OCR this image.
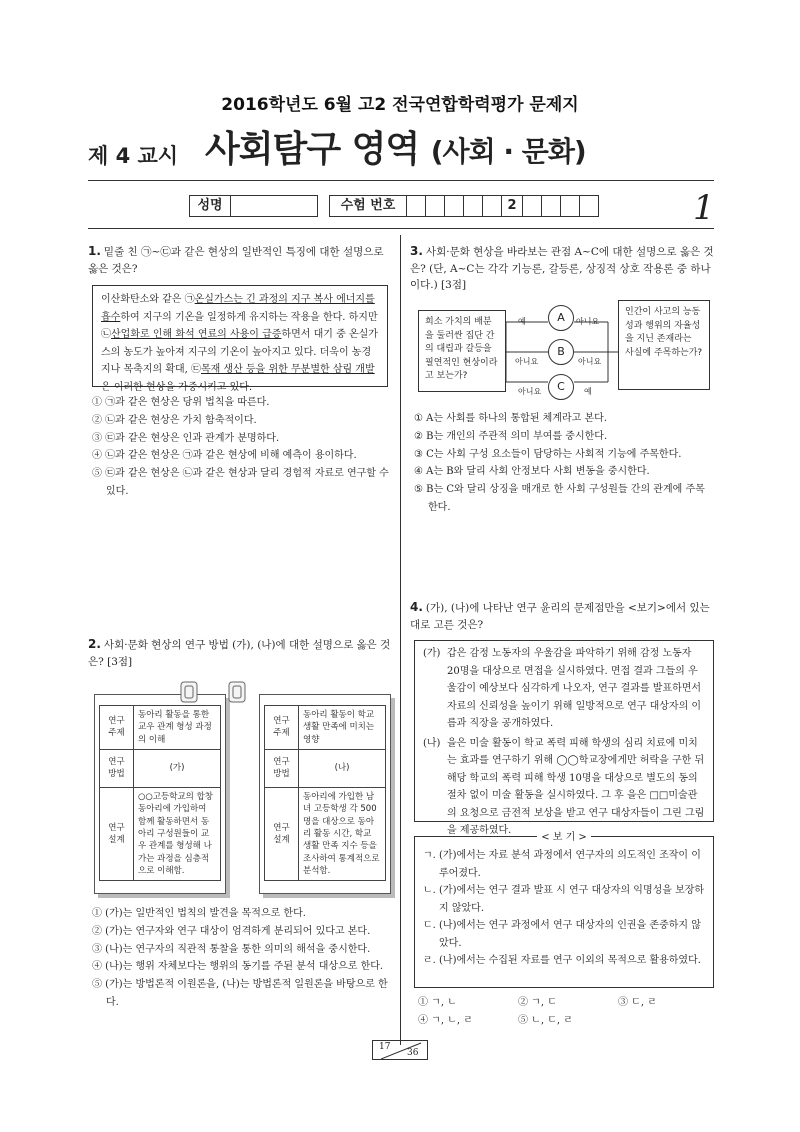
2016학년도 6월 고2 전국연합학력평가 문제지
제 4 교시 사회탐구 영역 (사회 · 문화)
성명	수험 번호	2	1
1. 밑줄 친 ㉠~㉢과 같은 현상의 일반적인 특징에 대한 설명으로 옳은 것은?
이산화탄소와 같은 ㉠온실가스는 긴 과정의 지구 복사 에너지를 흡수하여 지구의 기온을 일정하게 유지하는 작용을 한다. 하지만 ㉡산업화로 인해 화석 연료의 사용이 급증하면서 대기 중 온실가스의 농도가 높아져 지구의 기온이 높아지고 있다. 더욱이 농경지나 목축지의 확대, ㉢목재 생산 등을 위한 무분별한 삼림 개발은 이러한 현상을 가중시키고 있다.
① ㉠과 같은 현상은 당위 법칙을 따른다.
② ㉡과 같은 현상은 가치 함축적이다.
③ ㉢과 같은 현상은 인과 관계가 분명하다.
④ ㉡과 같은 현상은 ㉠과 같은 현상에 비해 예측이 용이하다.
⑤ ㉢과 같은 현상은 ㉡과 같은 현상과 달리 경험적 자료로 연구할 수 있다.
2. 사회·문화 현상의 연구 방법 (가), (나)에 대한 설명으로 옳은 것은? [3점]
연구 주제	동아리 활동을 통한 교우 관계 형성 과정의 이해
연구 방법	(가)
연구 설계	○○고등학교의 합창 동아리에 가입하여 함께 활동하면서 동아리 구성원들이 교우 관계를 형성해 나가는 과정을 심층적으로 이해함.
연구 주제	동아리 활동이 학교 생활 만족에 미치는 영향
연구 방법	(나)
연구 설계	동아리에 가입한 남녀 고등학생 각 500명을 대상으로 동아리 활동 시간, 학교 생활 만족 지수 등을 조사하여 통계적으로 분석함.
① (가)는 일반적인 법칙의 발견을 목적으로 한다.
② (가)는 연구자와 연구 대상이 엄격하게 분리되어 있다고 본다.
③ (나)는 연구자의 직관적 통찰을 통한 의미의 해석을 중시한다.
④ (나)는 행위 자체보다는 행위의 동기를 주된 분석 대상으로 한다.
⑤ (가)는 방법론적 이원론을, (나)는 방법론적 일원론을 바탕으로 한다.
3. 사회·문화 현상을 바라보는 관점 A~C에 대한 설명으로 옳은 것은? (단, A~C는 각각 기능론, 갈등론, 상징적 상호 작용론 중 하나이다.) [3점]
희소 가치의 배분을 둘러싼 집단 간의 대립과 갈등을 필연적인 현상이라고 보는가?
인간이 사고의 능동성과 행위의 자율성을 지닌 존재라는 사실에 주목하는가?
A
B
C
예
아니요
아니요
아니요
아니요
예
① A는 사회를 하나의 통합된 체계라고 본다.
② B는 개인의 주관적 의미 부여를 중시한다.
③ C는 사회 구성 요소들이 담당하는 사회적 기능에 주목한다.
④ A는 B와 달리 사회 안정보다 사회 변동을 중시한다.
⑤ B는 C와 달리 상징을 매개로 한 사회 구성원들 간의 관계에 주목한다.
4. (가), (나)에 나타난 연구 윤리의 문제점만을 <보기>에서 있는 대로 고른 것은?
(가) 갑은 감정 노동자의 우울감을 파악하기 위해 감정 노동자 20명을 대상으로 면접을 실시하였다. 면접 결과 그들의 우울감이 예상보다 심각하게 나오자, 연구 결과를 발표하면서 자료의 신뢰성을 높이기 위해 일방적으로 연구 대상자의 이름과 직장을 공개하였다.
(나) 을은 미술 활동이 학교 폭력 피해 학생의 심리 치료에 미치는 효과를 연구하기 위해 ◯◯학교장에게만 허락을 구한 뒤 해당 학교의 폭력 피해 학생 10명을 대상으로 별도의 동의 절차 없이 미술 활동을 실시하였다. 그 후 을은 □□미술관의 요청으로 금전적 보상을 받고 연구 대상자들이 그린 그림을 제공하였다.
< 보 기 >
ㄱ. (가)에서는 자료 분석 과정에서 연구자의 의도적인 조작이 이루어졌다.
ㄴ. (가)에서는 연구 결과 발표 시 연구 대상자의 익명성을 보장하지 않았다.
ㄷ. (나)에서는 연구 과정에서 연구 대상자의 인권을 존중하지 않았다.
ㄹ. (나)에서는 수집된 자료를 연구 이외의 목적으로 활용하였다.
① ㄱ, ㄴ	② ㄱ, ㄷ	③ ㄷ, ㄹ
④ ㄱ, ㄴ, ㄹ	⑤ ㄴ, ㄷ, ㄹ
17
36
